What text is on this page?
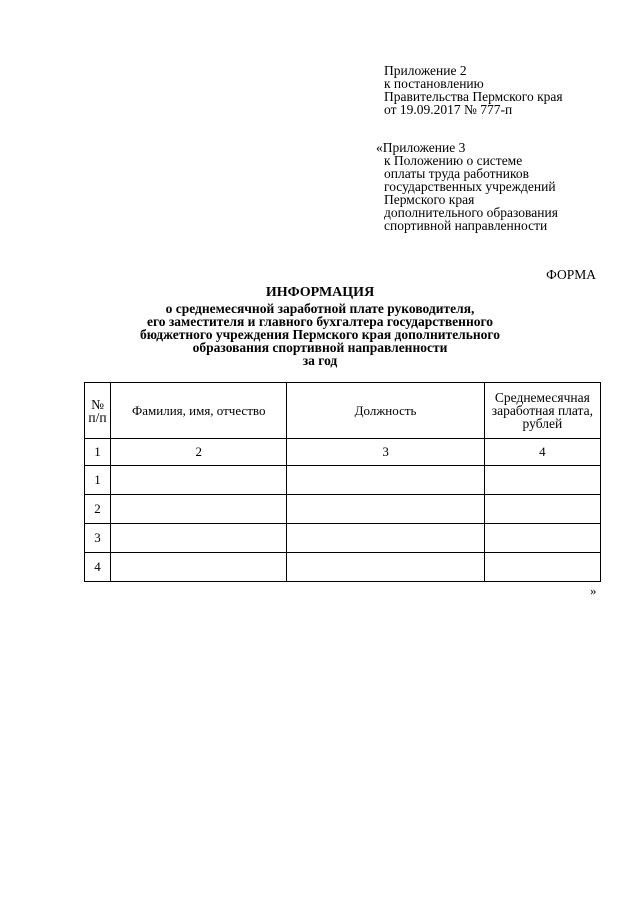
Приложение 2
к постановлению
Правительства Пермского края
от 19.09.2017 № 777-п
«Приложение 3
к Положению о системе
оплаты труда работников
государственных учреждений
Пермского края
дополнительного образования
спортивной направленности
ФОРМА
ИНФОРМАЦИЯ
о среднемесячной заработной плате руководителя,
его заместителя и главного бухгалтера государственного
бюджетного учреждения Пермского края дополнительного
образования спортивной направленности
за год
№
п/п	Фамилия, имя, отчество	Должность	Среднемесячная
заработная плата,
рублей

1	2	3	4
1			
2			
3			
4			
»
